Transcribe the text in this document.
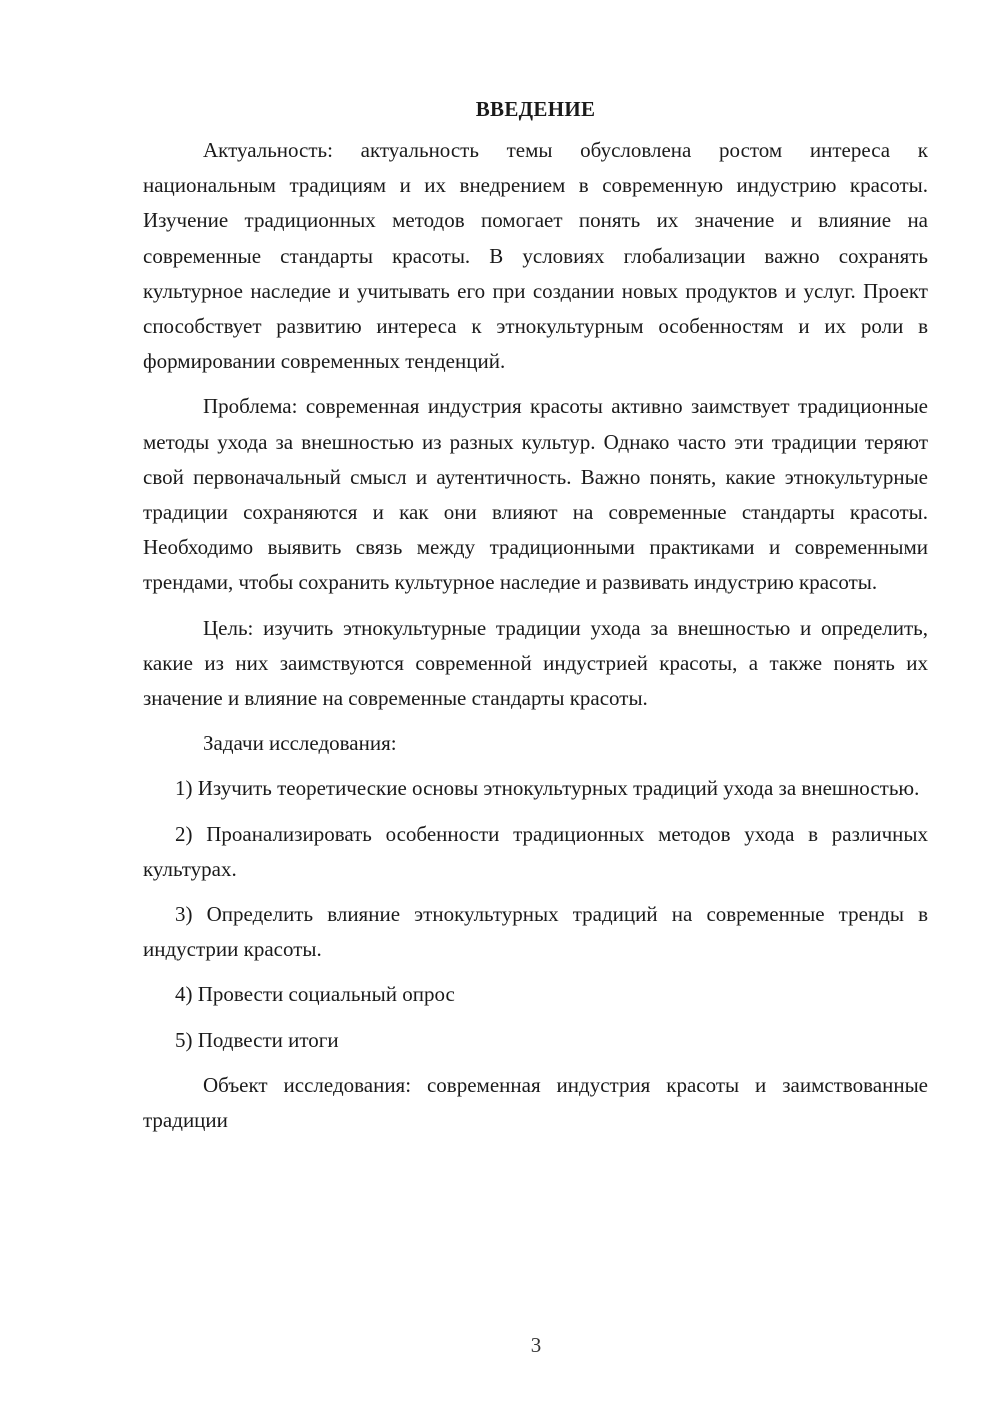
ВВЕДЕНИЕ

Актуальность: актуальность темы обусловлена ростом интереса к национальным традициям и их внедрением в современную индустрию красоты. Изучение традиционных методов помогает понять их значение и влияние на современные стандарты красоты. В условиях глобализации важно сохранять культурное наследие и учитывать его при создании новых продуктов и услуг. Проект способствует развитию интереса к этнокультурным особенностям и их роли в формировании современных тенденций.

Проблема: современная индустрия красоты активно заимствует традиционные методы ухода за внешностью из разных культур. Однако часто эти традиции теряют свой первоначальный смысл и аутентичность. Важно понять, какие этнокультурные традиции сохраняются и как они влияют на современные стандарты красоты. Необходимо выявить связь между традиционными практиками и современными трендами, чтобы сохранить культурное наследие и развивать индустрию красоты.

Цель: изучить этнокультурные традиции ухода за внешностью и определить, какие из них заимствуются современной индустрией красоты, а также понять их значение и влияние на современные стандарты красоты.

Задачи исследования:

1) Изучить теоретические основы этнокультурных традиций ухода за внешностью.

2) Проанализировать особенности традиционных методов ухода в различных культурах.

3) Определить влияние этнокультурных традиций на современные тренды в индустрии красоты.

4) Провести социальный опрос

5) Подвести итоги

Объект исследования: современная индустрия красоты и заимствованные традиции

3
